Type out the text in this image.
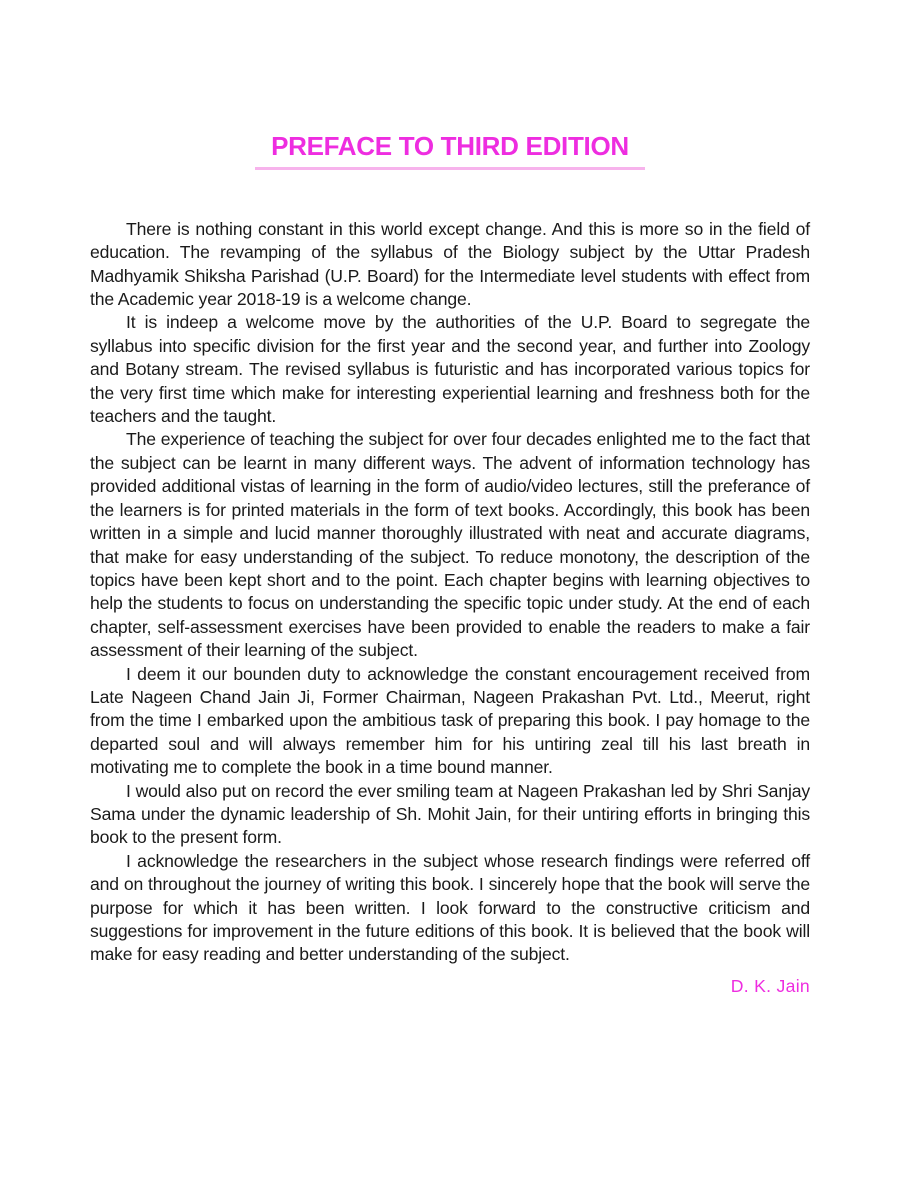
PREFACE TO THIRD EDITION

There is nothing constant in this world except change. And this is more so in the field of education. The revamping of the syllabus of the Biology subject by the Uttar Pradesh Madhyamik Shiksha Parishad (U.P. Board) for the Intermediate level students with effect from the Academic year 2018-19 is a welcome change.

It is indeep a welcome move by the authorities of the U.P. Board to segregate the syllabus into specific division for the first year and the second year, and further into Zoology and Botany stream. The revised syllabus is futuristic and has incorporated various topics for the very first time which make for interesting experiential learning and freshness both for the teachers and the taught.

The experience of teaching the subject for over four decades enlighted me to the fact that the subject can be learnt in many different ways. The advent of information technology has provided additional vistas of learning in the form of audio/video lectures, still the preferance of the learners is for printed materials in the form of text books. Accordingly, this book has been written in a simple and lucid manner thoroughly illustrated with neat and accurate diagrams, that make for easy understanding of the subject. To reduce monotony, the description of the topics have been kept short and to the point. Each chapter begins with learning objectives to help the students to focus on understanding the specific topic under study. At the end of each chapter, self-assessment exercises have been provided to enable the readers to make a fair assessment of their learning of the subject.

I deem it our bounden duty to acknowledge the constant encouragement received from Late Nageen Chand Jain Ji, Former Chairman, Nageen Prakashan Pvt. Ltd., Meerut, right from the time I embarked upon the ambitious task of preparing this book. I pay homage to the departed soul and will always remember him for his untiring zeal till his last breath in motivating me to complete the book in a time bound manner.

I would also put on record the ever smiling team at Nageen Prakashan led by Shri Sanjay Sama under the dynamic leadership of Sh. Mohit Jain, for their untiring efforts in bringing this book to the present form.

I acknowledge the researchers in the subject whose research findings were referred off and on throughout the journey of writing this book. I sincerely hope that the book will serve the purpose for which it has been written. I look forward to the constructive criticism and suggestions for improvement in the future editions of this book. It is believed that the book will make for easy reading and better understanding of the subject.

D. K. Jain
